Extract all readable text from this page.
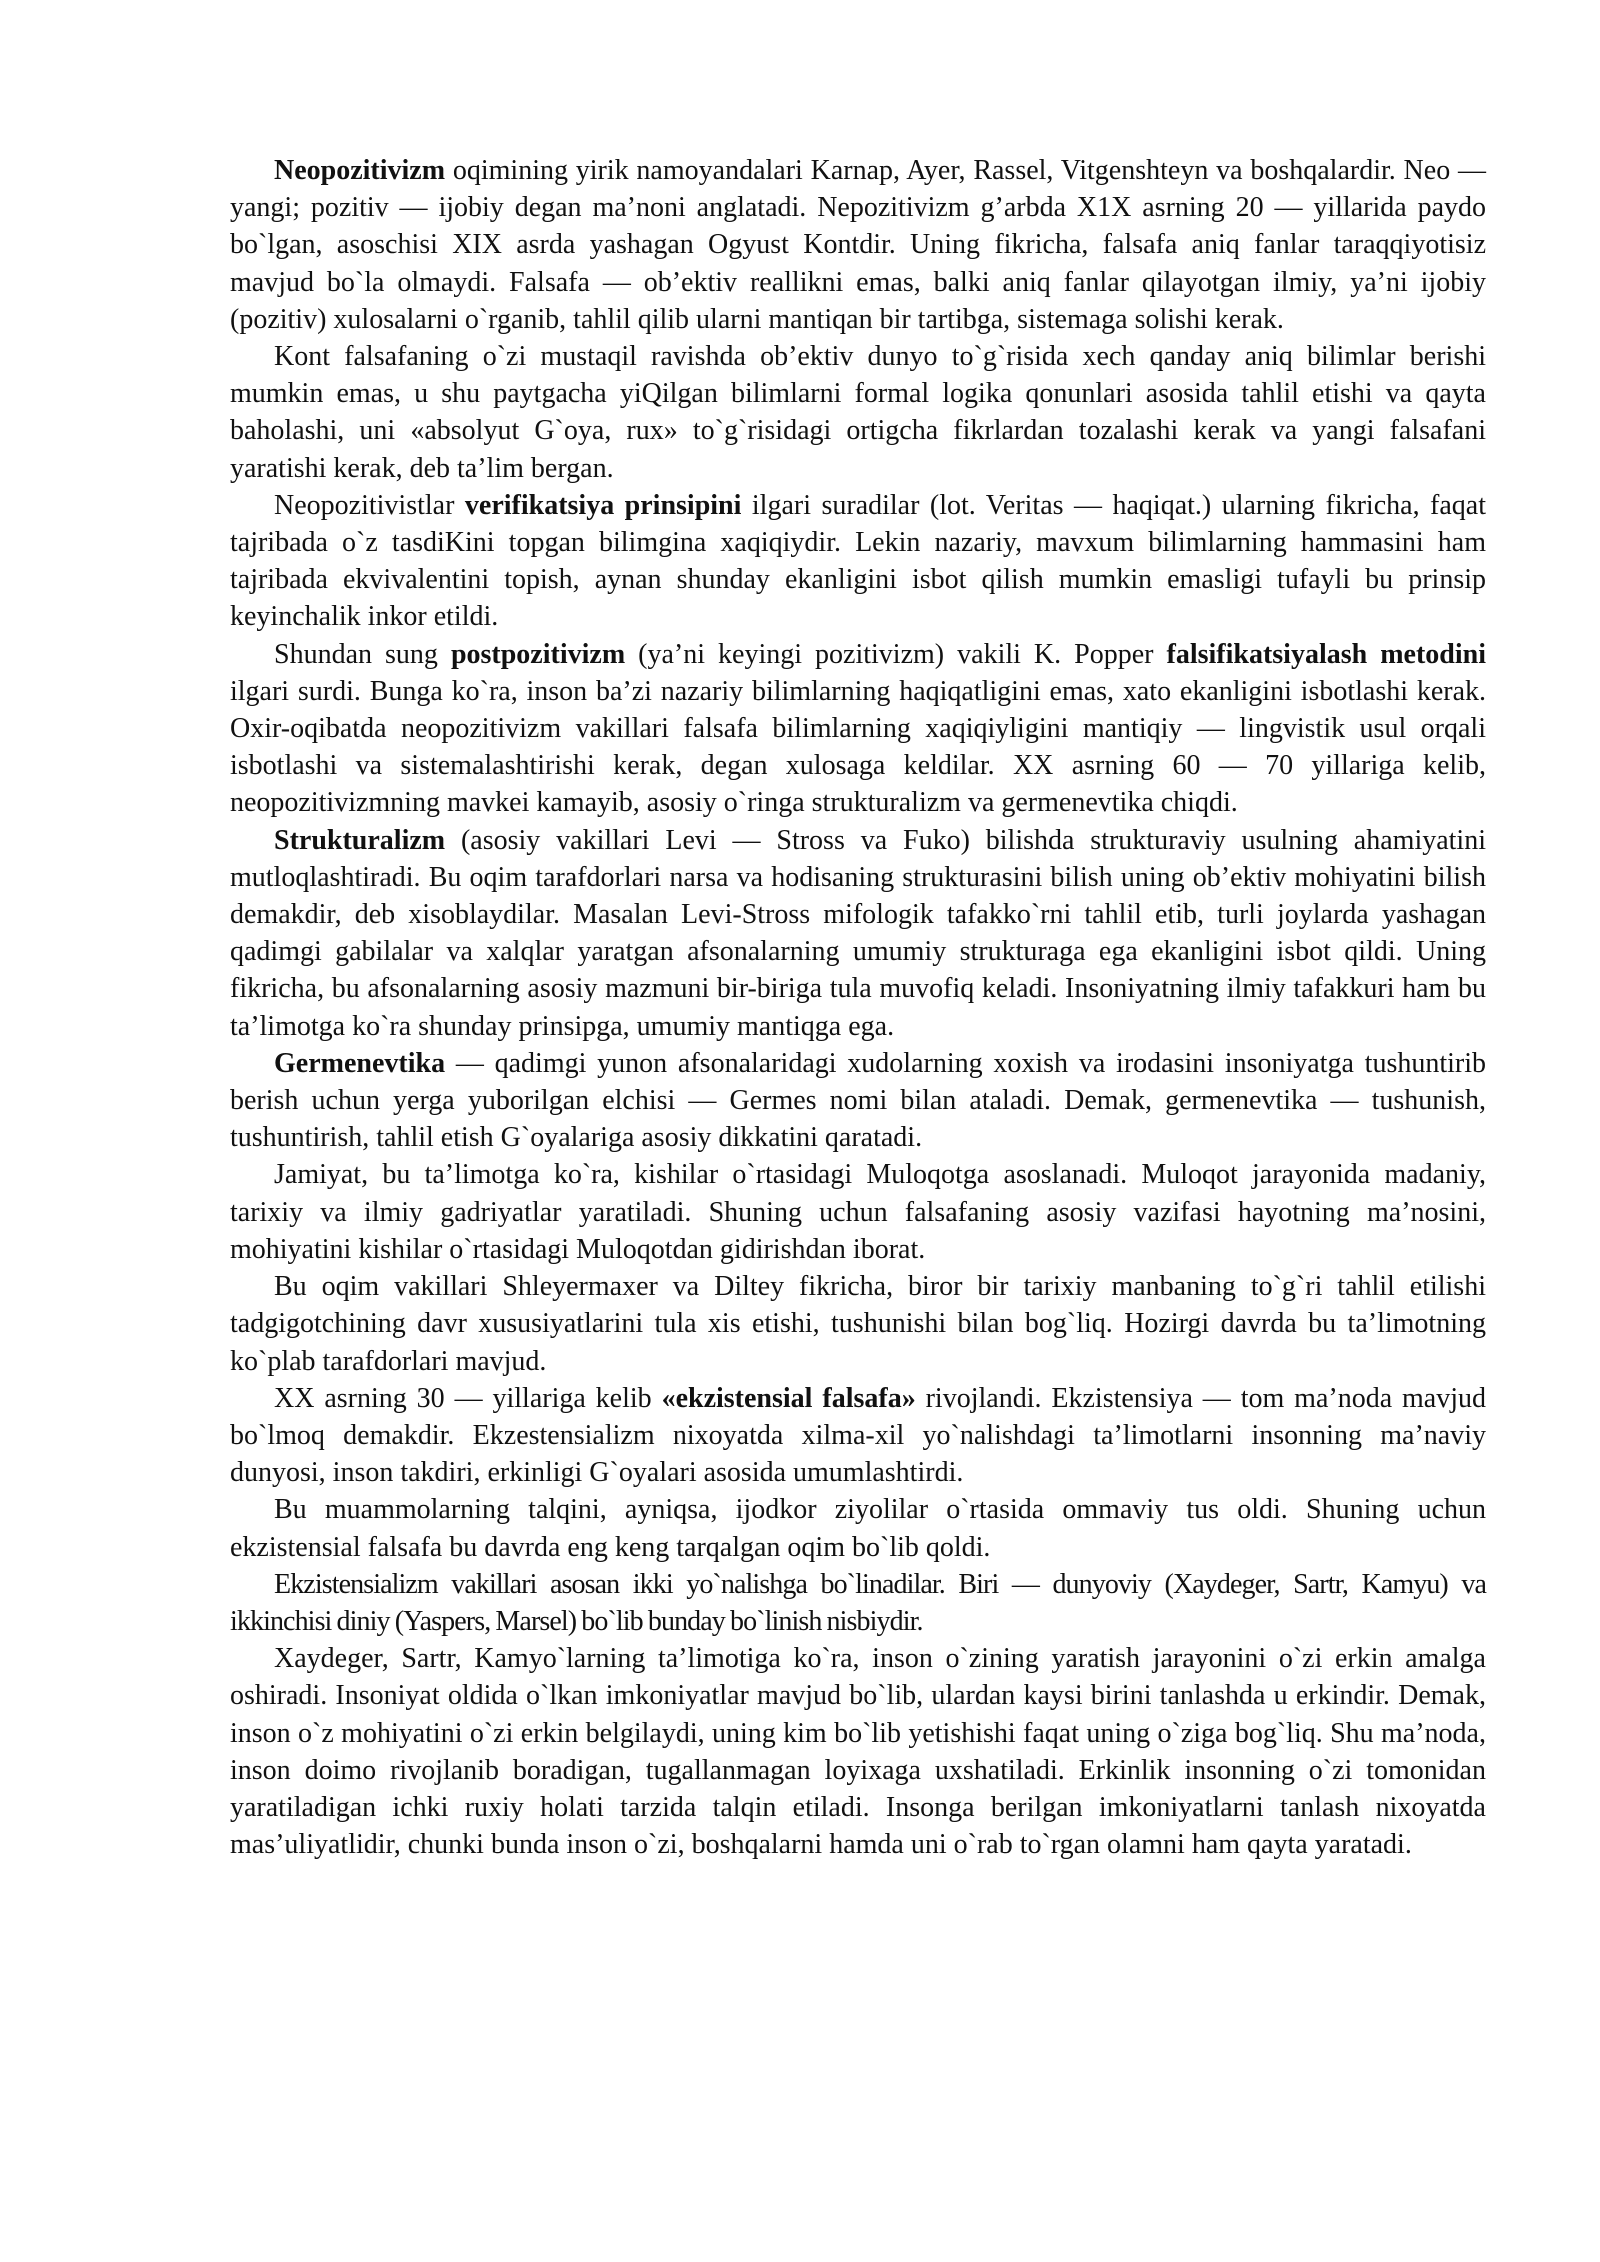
Neopozitivizm oqimining yirik namoyandalari Karnap, Ayer, Rassel, Vitgenshteyn va boshqalardir. Neo — yangi; pozitiv — ijobiy degan ma’noni anglatadi. Nepozitivizm g’arbda X1X asrning 20 — yillarida paydo bo`lgan, asoschisi XIX asrda yashagan Ogyust Kontdir. Uning fikricha, falsafa aniq fanlar taraqqiyotisiz mavjud bo`la olmaydi. Falsafa — ob’ektiv reallikni emas, balki aniq fanlar qilayotgan ilmiy, ya’ni ijobiy (pozitiv) xulosalarni o`rganib, tahlil qilib ularni mantiqan bir tartibga, sistemaga solishi kerak.

Kont falsafaning o`zi mustaqil ravishda ob’ektiv dunyo to`g`risida xech qanday aniq bilimlar berishi mumkin emas, u shu paytgacha yiQilgan bilimlarni formal logika qonunlari asosida tahlil etishi va qayta baholashi, uni «absolyut G`oya, rux» to`g`risidagi ortigcha fikrlardan tozalashi kerak va yangi falsafani yaratishi kerak, deb ta’lim bergan.

Neopozitivistlar verifikatsiya prinsipini ilgari suradilar (lot. Veritas — haqiqat.) ularning fikricha, faqat tajribada o`z tasdiKini topgan bilimgina xaqiqiydir. Lekin nazariy, mavxum bilimlarning hammasini ham tajribada ekvivalentini topish, aynan shunday ekanligini isbot qilish mumkin emasligi tufayli bu prinsip keyinchalik inkor etildi.

Shundan sung postpozitivizm (ya’ni keyingi pozitivizm) vakili K. Popper falsifikatsiyalash metodini ilgari surdi. Bunga ko`ra, inson ba’zi nazariy bilimlarning haqiqatligini emas, xato ekanligini isbotlashi kerak. Oxir-oqibatda neopozitivizm vakillari falsafa bilimlarning xaqiqiyligini mantiqiy — lingvistik usul orqali isbotlashi va sistemalashtirishi kerak, degan xulosaga keldilar. XX asrning 60 — 70 yillariga kelib, neopozitivizmning mavkei kamayib, asosiy o`ringa strukturalizm va germenevtika chiqdi.

Strukturalizm (asosiy vakillari Levi — Stross va Fuko) bilishda strukturaviy usulning ahamiyatini mutloqlashtiradi. Bu oqim tarafdorlari narsa va hodisaning strukturasini bilish uning ob’ektiv mohiyatini bilish demakdir, deb xisoblaydilar. Masalan Levi-Stross mifologik tafakko`rni tahlil etib, turli joylarda yashagan qadimgi gabilalar va xalqlar yaratgan afsonalarning umumiy strukturaga ega ekanligini isbot qildi. Uning fikricha, bu afsonalarning asosiy mazmuni bir-biriga tula muvofiq keladi. Insoniyatning ilmiy tafakkuri ham bu ta’limotga ko`ra shunday prinsipga, umumiy mantiqga ega.

Germenevtika — qadimgi yunon afsonalaridagi xudolarning xoxish va irodasini insoniyatga tushuntirib berish uchun yerga yuborilgan elchisi — Germes nomi bilan ataladi. Demak, germenevtika — tushunish, tushuntirish, tahlil etish G`oyalariga asosiy dikkatini qaratadi.

Jamiyat, bu ta’limotga ko`ra, kishilar o`rtasidagi Muloqotga asoslanadi. Muloqot jarayonida madaniy, tarixiy va ilmiy gadriyatlar yaratiladi. Shuning uchun falsafaning asosiy vazifasi hayotning ma’nosini, mohiyatini kishilar o`rtasidagi Muloqotdan gidirishdan iborat.

Bu oqim vakillari Shleyermaxer va Diltey fikricha, biror bir tarixiy manbaning to`g`ri tahlil etilishi tadgigotchining davr xususiyatlarini tula xis etishi, tushunishi bilan bog`liq. Hozirgi davrda bu ta’limotning ko`plab tarafdorlari mavjud.

XX asrning 30 — yillariga kelib «ekzistensial falsafa» rivojlandi. Ekzistensiya — tom ma’noda mavjud bo`lmoq demakdir. Ekzestensializm nixoyatda xilma-xil yo`nalishdagi ta’limotlarni insonning ma’naviy dunyosi, inson takdiri, erkinligi G`oyalari asosida umumlashtirdi.

Bu muammolarning talqini, ayniqsa, ijodkor ziyolilar o`rtasida ommaviy tus oldi. Shuning uchun ekzistensial falsafa bu davrda eng keng tarqalgan oqim bo`lib qoldi.

Ekzistensializm vakillari asosan ikki yo`nalishga bo`linadilar. Biri — dunyoviy (Xaydeger, Sartr, Kamyu) va ikkinchisi diniy (Yaspers, Marsel) bo`lib bunday bo`linish nisbiydir.

Xaydeger, Sartr, Kamyo`larning ta’limotiga ko`ra, inson o`zining yaratish jarayonini o`zi erkin amalga oshiradi. Insoniyat oldida o`lkan imkoniyatlar mavjud bo`lib, ulardan kaysi birini tanlashda u erkindir. Demak, inson o`z mohiyatini o`zi erkin belgilaydi, uning kim bo`lib yetishishi faqat uning o`ziga bog`liq. Shu ma’noda, inson doimo rivojlanib boradigan, tugallanmagan loyixaga uxshatiladi. Erkinlik insonning o`zi tomonidan yaratiladigan ichki ruxiy holati tarzida talqin etiladi. Insonga berilgan imkoniyatlarni tanlash nixoyatda mas’uliyatlidir, chunki bunda inson o`zi, boshqalarni hamda uni o`rab to`rgan olamni ham qayta yaratadi.
